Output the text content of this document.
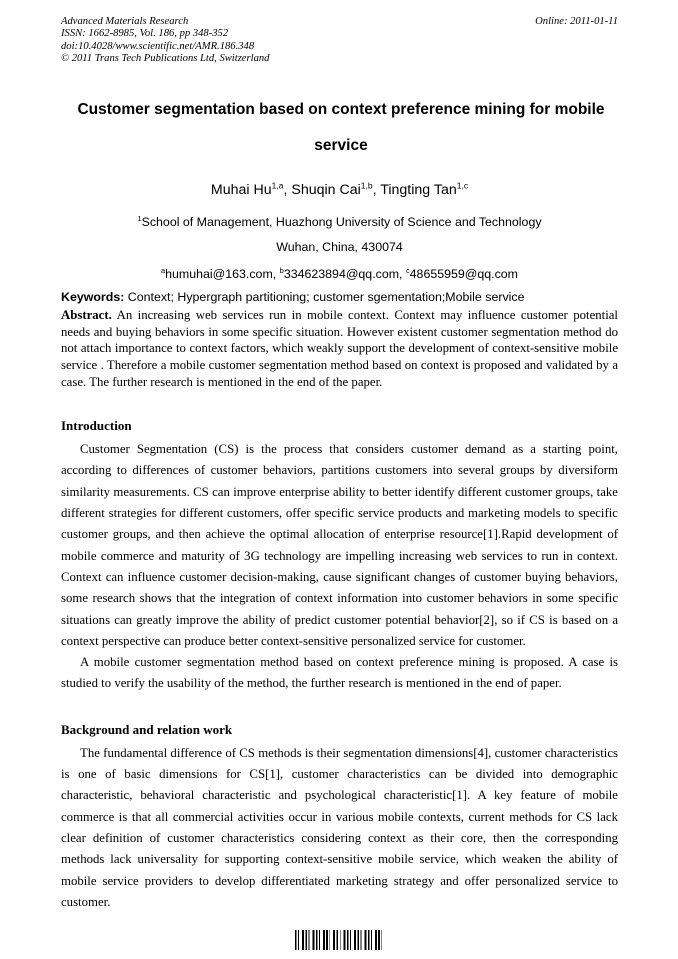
Advanced Materials Research
ISSN: 1662-8985, Vol. 186, pp 348-352
doi:10.4028/www.scientific.net/AMR.186.348
© 2011 Trans Tech Publications Ltd, Switzerland
Online: 2011-01-11
Customer segmentation based on context preference mining for mobile service
Muhai Hu$^{1,a}$, Shuqin Cai$^{1,b}$, Tingting Tan$^{1,c}$
$^1$School of Management, Huazhong University of Science and Technology
Wuhan, China, 430074
$^a$humuhai@163.com, $^b$334623894@qq.com, $^c$48655959@qq.com
Keywords: Context; Hypergraph partitioning; customer sgementation;Mobile service
Abstract. An increasing web services run in mobile context. Context may influence customer potential needs and buying behaviors in some specific situation. However existent customer segmentation method do not attach importance to context factors, which weakly support the development of context-sensitive mobile service . Therefore a mobile customer segmentation method based on context is proposed and validated by a case. The further research is mentioned in the end of the paper.
Introduction
Customer Segmentation (CS) is the process that considers customer demand as a starting point, according to differences of customer behaviors, partitions customers into several groups by diversiform similarity measurements. CS can improve enterprise ability to better identify different customer groups, take different strategies for different customers, offer specific service products and marketing models to specific customer groups, and then achieve the optimal allocation of enterprise resource[1].Rapid development of mobile commerce and maturity of 3G technology are impelling increasing web services to run in context. Context can influence customer decision-making, cause significant changes of customer buying behaviors, some research shows that the integration of context information into customer behaviors in some specific situations can greatly improve the ability of predict customer potential behavior[2], so if CS is based on a context perspective can produce better context-sensitive personalized service for customer.
A mobile customer segmentation method based on context preference mining is proposed. A case is studied to verify the usability of the method, the further research is mentioned in the end of paper.
Background and relation work
The fundamental difference of CS methods is their segmentation dimensions[4], customer characteristics is one of basic dimensions for CS[1], customer characteristics can be divided into demographic characteristic, behavioral characteristic and psychological characteristic[1]. A key feature of mobile commerce is that all commercial activities occur in various mobile contexts, current methods for CS lack clear definition of customer characteristics considering context as their core, then the corresponding methods lack universality for supporting context-sensitive mobile service, which weaken the ability of mobile service providers to develop differentiated marketing strategy and offer personalized service to customer.
